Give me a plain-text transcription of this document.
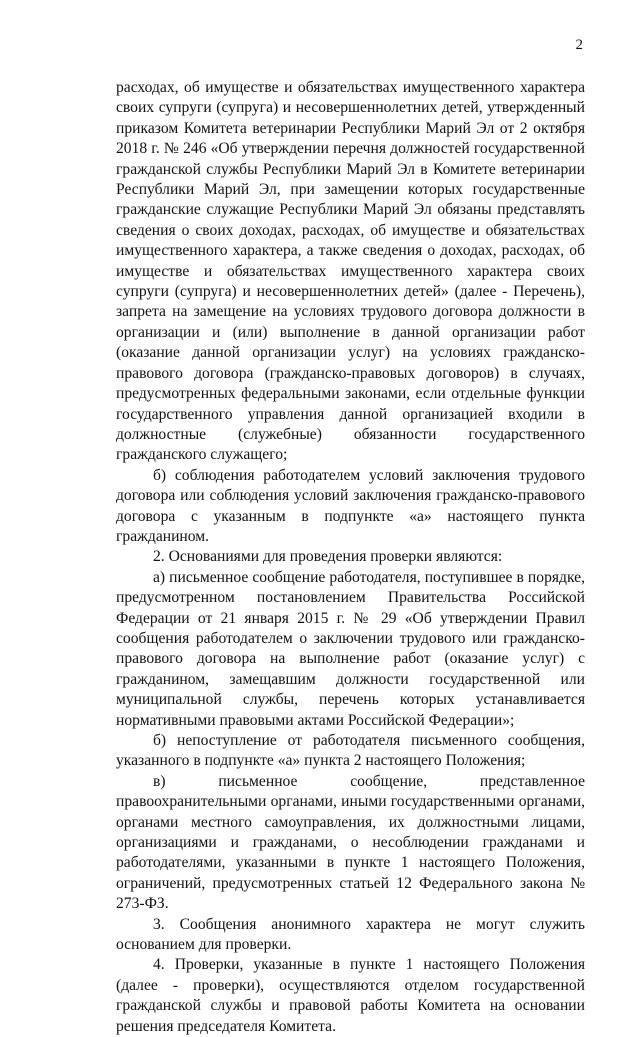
2

расходах, об имуществе и обязательствах имущественного характера своих супруги (супруга) и несовершеннолетних детей, утвержденный приказом Комитета ветеринарии Республики Марий Эл от 2 октября 2018 г. № 246 «Об утверждении перечня должностей государственной гражданской службы Республики Марий Эл в Комитете ветеринарии Республики Марий Эл, при замещении которых государственные гражданские служащие Республики Марий Эл обязаны представлять сведения о своих доходах, расходах, об имуществе и обязательствах имущественного характера, а также сведения о доходах, расходах, об имуществе и обязательствах имущественного характера своих супруги (супруга) и несовершеннолетних детей» (далее - Перечень), запрета на замещение на условиях трудового договора должности в организации и (или) выполнение в данной организации работ (оказание данной организации услуг) на условиях гражданско-правового договора (гражданско-правовых договоров) в случаях, предусмотренных федеральными законами, если отдельные функции государственного управления данной организацией входили в должностные (служебные) обязанности государственного гражданского служащего;

б) соблюдения работодателем условий заключения трудового договора или соблюдения условий заключения гражданско-правового договора с указанным в подпункте «а» настоящего пункта гражданином.

2. Основаниями для проведения проверки являются:

а) письменное сообщение работодателя, поступившее в порядке, предусмотренном постановлением Правительства Российской Федерации от 21 января 2015 г. № 29 «Об утверждении Правил сообщения работодателем о заключении трудового или гражданско-правового договора на выполнение работ (оказание услуг) с гражданином, замещавшим должности государственной или муниципальной службы, перечень которых устанавливается нормативными правовыми актами Российской Федерации»;

б) непоступление от работодателя письменного сообщения, указанного в подпункте «а» пункта 2 настоящего Положения;

в) письменное сообщение, представленное правоохранительными органами, иными государственными органами, органами местного самоуправления, их должностными лицами, организациями и гражданами, о несоблюдении гражданами и работодателями, указанными в пункте 1 настоящего Положения, ограничений, предусмотренных статьей 12 Федерального закона № 273-ФЗ.

3. Сообщения анонимного характера не могут служить основанием для проверки.

4. Проверки, указанные в пункте 1 настоящего Положения (далее - проверки), осуществляются отделом государственной гражданской службы и правовой работы Комитета на основании решения председателя Комитета.
